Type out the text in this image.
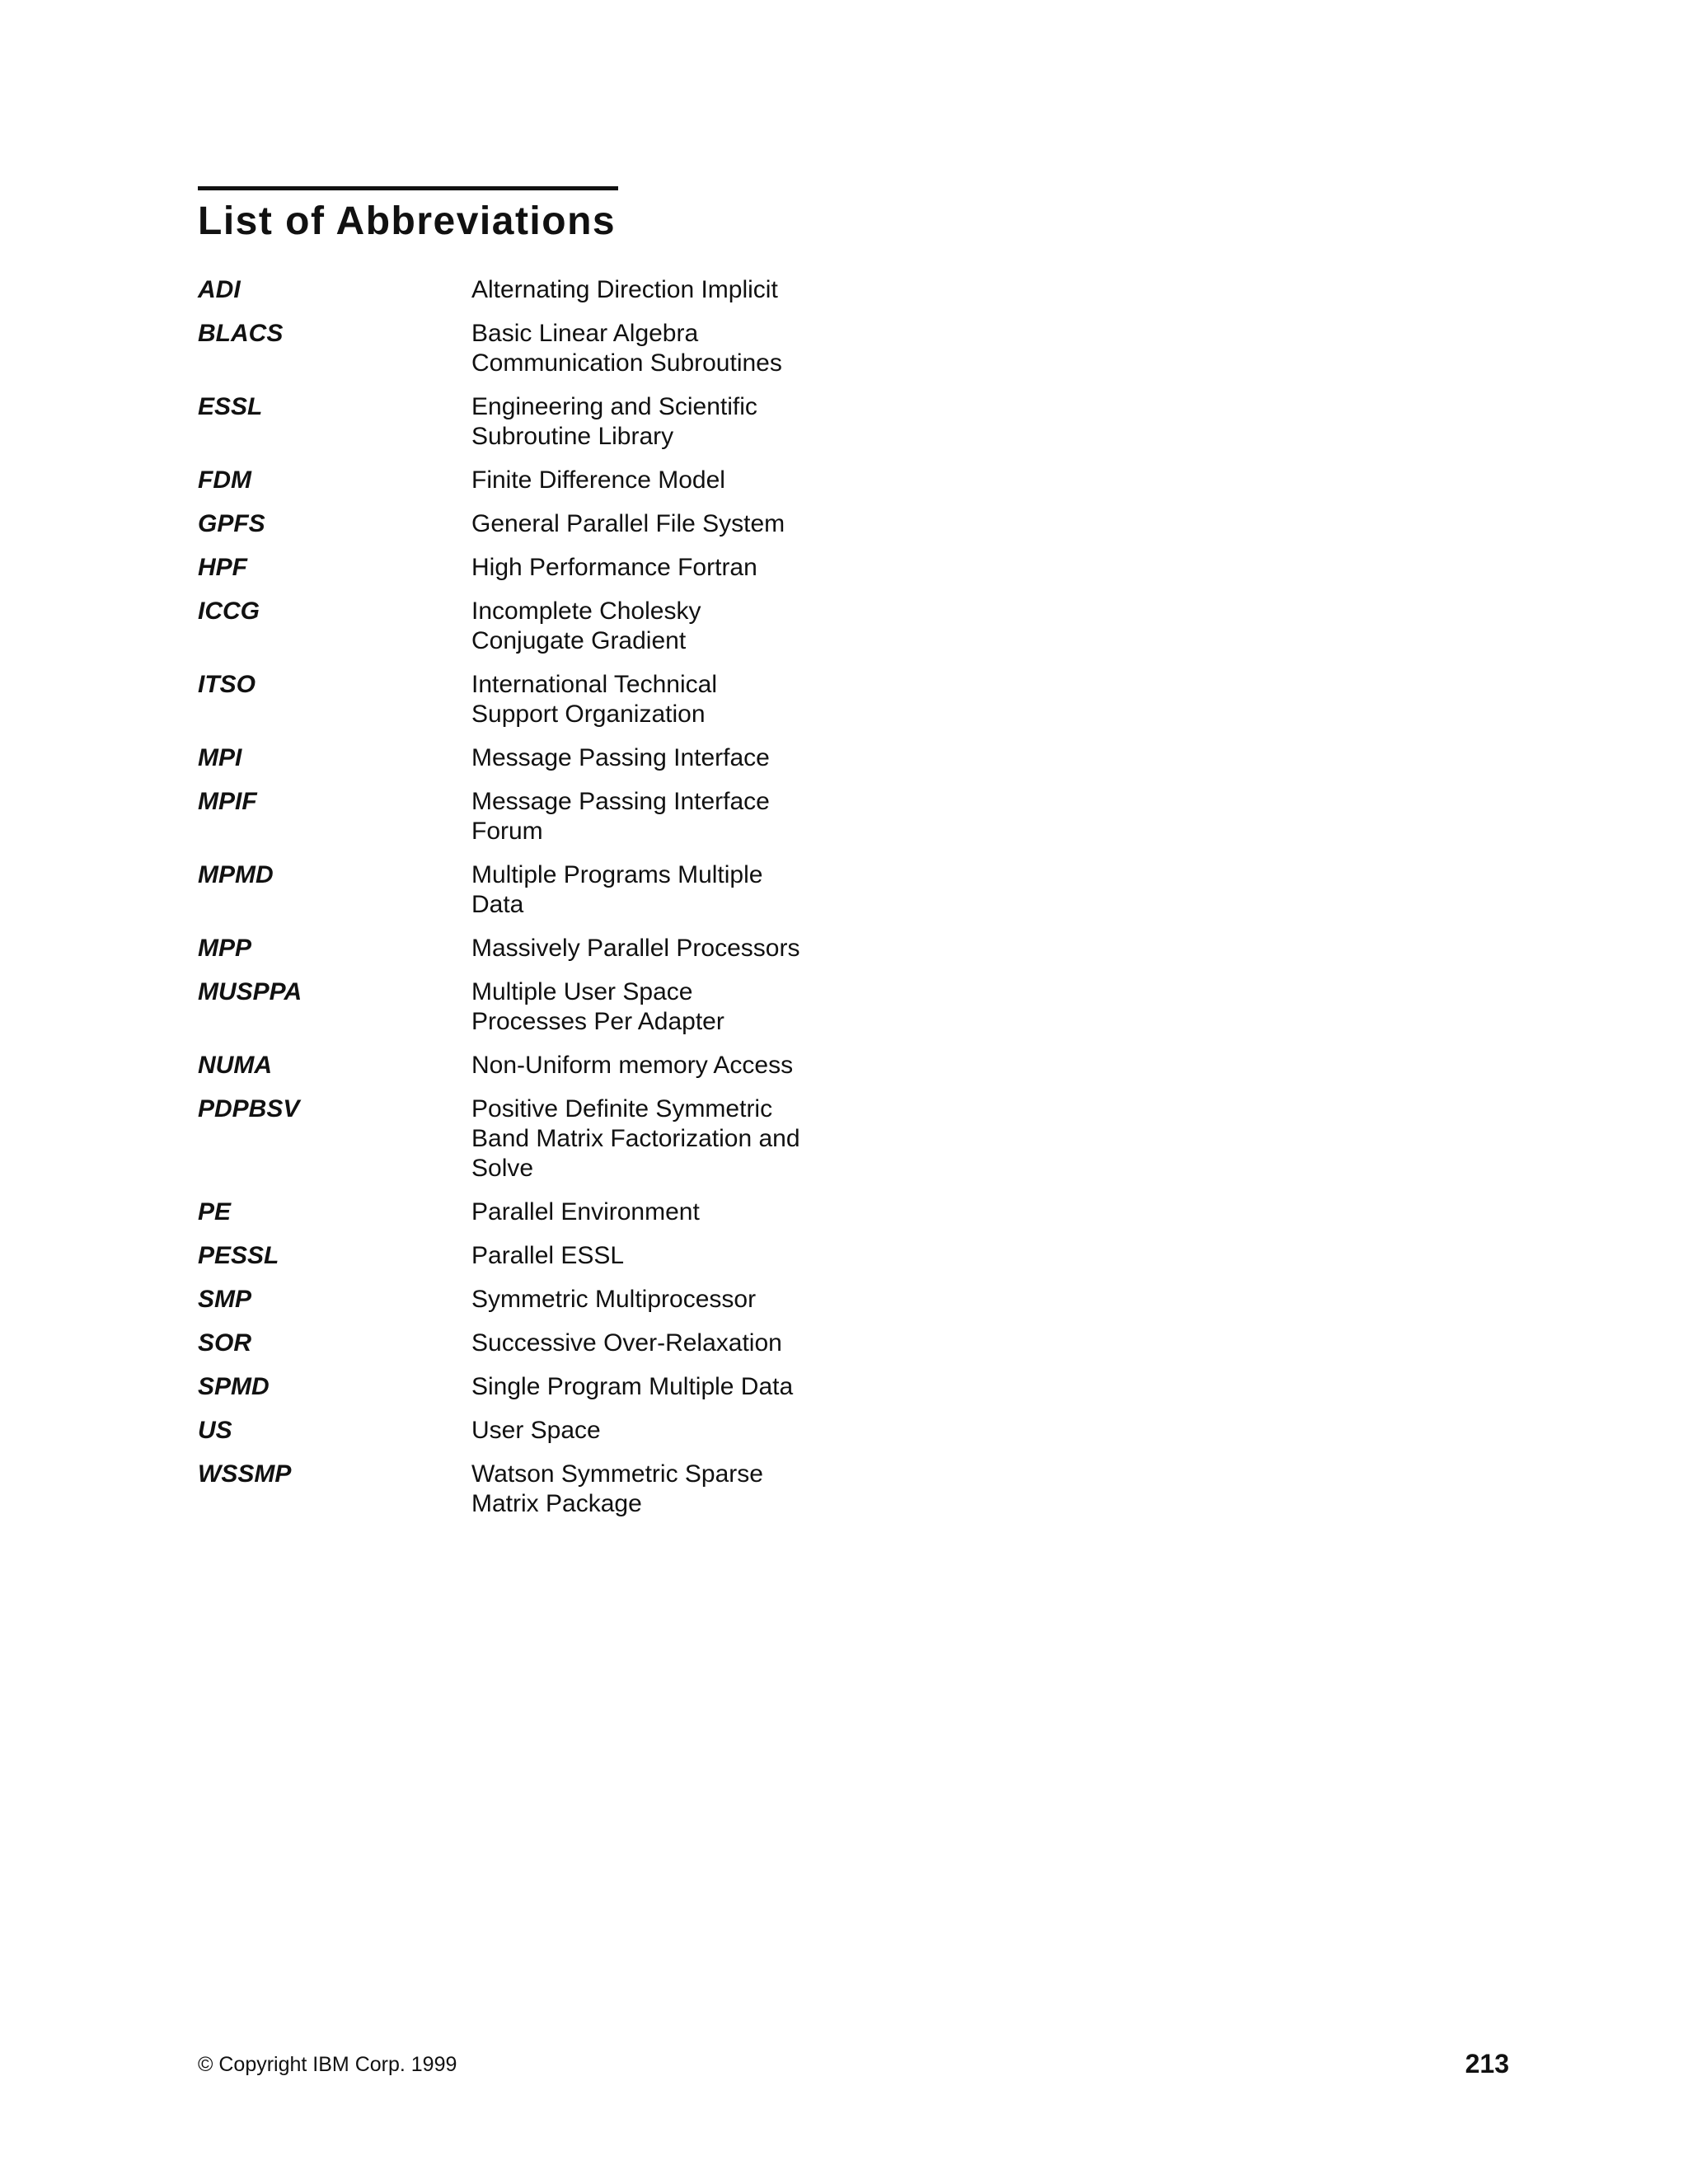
List of Abbreviations
ADI	Alternating Direction Implicit
BLACS	Basic Linear Algebra
Communication Subroutines
ESSL	Engineering and Scientific
Subroutine Library
FDM	Finite Difference Model
GPFS	General Parallel File System
HPF	High Performance Fortran
ICCG	Incomplete Cholesky
Conjugate Gradient
ITSO	International Technical
Support Organization
MPI	Message Passing Interface
MPIF	Message Passing Interface
Forum
MPMD	Multiple Programs Multiple
Data
MPP	Massively Parallel Processors
MUSPPA	Multiple User Space
Processes Per Adapter
NUMA	Non-Uniform memory Access
PDPBSV	Positive Definite Symmetric
Band Matrix Factorization and
Solve
PE	Parallel Environment
PESSL	Parallel ESSL
SMP	Symmetric Multiprocessor
SOR	Successive Over-Relaxation
SPMD	Single Program Multiple Data
US	User Space
WSSMP	Watson Symmetric Sparse
Matrix Package
© Copyright IBM Corp. 1999	213
